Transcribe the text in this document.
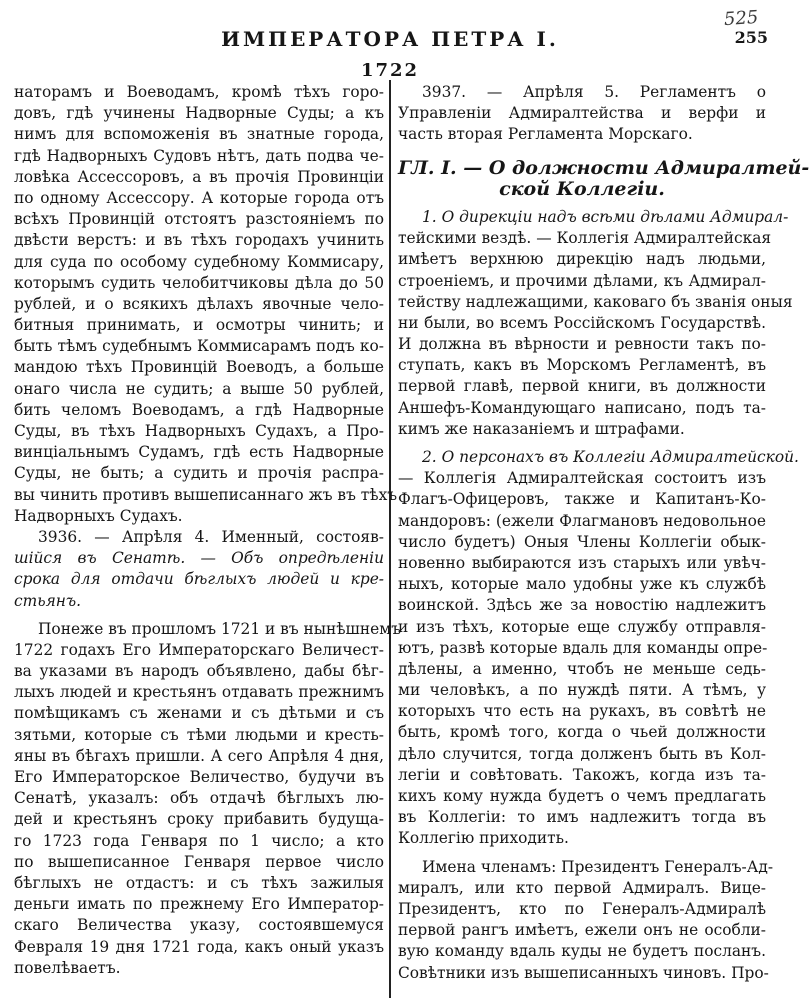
525
ИМПЕРАТОРА ПЕТРА I.	255
1722
наторамъ и Воеводамъ, кромѣ тѣхъ горо-
довъ, гдѣ учинены Надворные Суды; а къ
нимъ для вспоможенія въ знатные города,
гдѣ Надворныхъ Судовъ нѣтъ, дать подва че-
ловѣка Ассессоровъ, а въ прочія Провинціи
по одному Ассессору. А которые города отъ
всѣхъ Провинцій отстоятъ разстояніемъ по
двѣсти верстъ: и въ тѣхъ городахъ учинить
для суда по особому судебному Коммисару,
которымъ судить челобитчиковы дѣла до 50
рублей, и о всякихъ дѣлахъ явочные чело-
битныя принимать, и осмотры чинить; и
быть тѣмъ судебнымъ Коммисарамъ подъ ко-
мандою тѣхъ Провинцій Воеводъ, а больше
онаго числа не судить; а выше 50 рублей,
бить челомъ Воеводамъ, а гдѣ Надворные
Суды, въ тѣхъ Надворныхъ Судахъ, а Про-
винціальнымъ Судамъ, гдѣ есть Надворные
Суды, не быть; а судить и прочія распра-
вы чинить противъ вышеписаннаго жъ въ тѣхъ
Надворныхъ Судахъ.
3936. — Апрѣля 4. Именный, состояв-
шійся въ Сенатѣ. — Объ опредѣленіи
срока для отдачи бѣглыхъ людей и кре-
стьянъ.
Понеже въ прошломъ 1721 и въ нынѣшнемъ
1722 годахъ Его Императорскаго Величест-
ва указами въ народъ объявлено, дабы бѣг-
лыхъ людей и крестьянъ отдавать прежнимъ
помѣщикамъ съ женами и съ дѣтьми и съ
зятьми, которые съ тѣми людьми и кресть-
яны въ бѣгахъ пришли. А сего Апрѣля 4 дня,
Его Императорское Величество, будучи въ
Сенатѣ, указалъ: объ отдачѣ бѣглыхъ лю-
дей и крестьянъ сроку прибавить будуща-
го 1723 года Генваря по 1 число; а кто
по вышеписанное Генваря первое число
бѣглыхъ не отдастъ: и съ тѣхъ зажилыя
деньги имать по прежнему Его Император-
скаго Величества указу, состоявшемуся
Февраля 19 дня 1721 года, какъ оный указъ
повелѣваетъ.
3937. — Апрѣля 5. Регламентъ о
Управленіи Адмиралтейства и верфи и
часть вторая Регламента Морскаго.
ГЛ. I. — О должности Адмиралтей-
ской Коллегіи.
1. О дирекціи надъ всѣми дѣлами Адмирал-
тейскими вездѣ. — Коллегія Адмиралтейская
имѣетъ верхнюю дирекцію надъ людьми,
строеніемъ, и прочими дѣлами, къ Адмирал-
тейству надлежащими, каковаго бъ званія оныя
ни были, во всемъ Россійскомъ Государствѣ.
И должна въ вѣрности и ревности такъ по-
ступать, какъ въ Морскомъ Регламентѣ, въ
первой главѣ, первой книги, въ должности
Аншефъ-Командующаго написано, подъ та-
кимъ же наказаніемъ и штрафами.
2. О персонахъ въ Коллегіи Адмиралтейской.
— Коллегія Адмиралтейская состоитъ изъ
Флагъ-Офицеровъ, также и Капитанъ-Ко-
мандоровъ: (ежели Флагмановъ недовольное
число будетъ) Оныя Члены Коллегіи обык-
новенно выбираются изъ старыхъ или увѣч-
ныхъ, которые мало удобны уже къ службѣ
воинской. Здѣсь же за новостію надлежитъ
и изъ тѣхъ, которые еще службу отправля-
ютъ, развѣ которые вдаль для команды опре-
дѣлены, а именно, чтобъ не меньше седь-
ми человѣкъ, а по нуждѣ пяти. А тѣмъ, у
которыхъ что есть на рукахъ, въ совѣтѣ не
быть, кромѣ того, когда о чьей должности
дѣло случится, тогда долженъ быть въ Кол-
легіи и совѣтовать. Такожъ, когда изъ та-
кихъ кому нужда будетъ о чемъ предлагать
въ Коллегіи: то имъ надлежитъ тогда въ
Коллегію приходить.
Имена членамъ: Президентъ Генералъ-Ад-
миралъ, или кто первой Адмиралъ. Вице-
Президентъ, кто по Генералъ-Адмиралѣ
первой рангъ имѣетъ, ежели онъ не особли-
вую команду вдаль куды не будетъ посланъ.
Совѣтники изъ вышеписанныхъ чиновъ. Про-
